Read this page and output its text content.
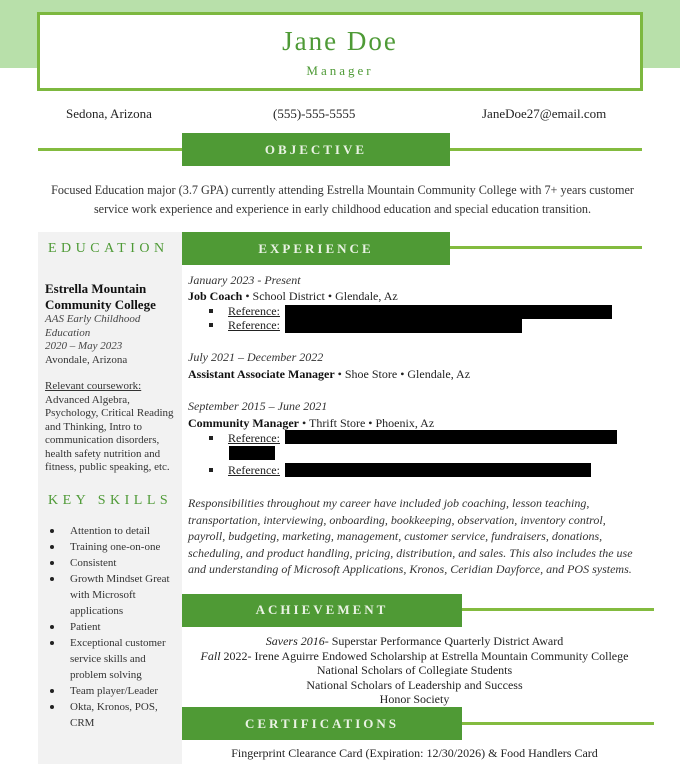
Jane Doe
Manager
Sedona, Arizona	(555)-555-5555	JaneDoe27@email.com
OBJECTIVE
Focused Education major (3.7 GPA) currently attending Estrella Mountain Community College with 7+ years customer service work experience and experience in early childhood education and special education transition.
EDUCATION
Estrella Mountain
Community College
AAS Early Childhood
Education
2020 – May 2023
Avondale, Arizona
Relevant coursework:
Advanced Algebra, Psychology, Critical Reading and Thinking, Intro to communication disorders, health safety nutrition and fitness, public speaking, etc.
KEY SKILLS
Attention to detail
Training one-on-one
Consistent
Growth Mindset Great with Microsoft applications
Patient
Exceptional customer service skills and problem solving
Team player/Leader
Okta, Kronos, POS, CRM
EXPERIENCE
January 2023 - Present
Job Coach • School District • Glendale, Az
Reference:
Reference:
July 2021 – December 2022
Assistant Associate Manager • Shoe Store • Glendale, Az
September 2015 – June 2021
Community Manager • Thrift Store • Phoenix, Az
Reference:
Reference:
Responsibilities throughout my career have included job coaching, lesson teaching, transportation, interviewing, onboarding, bookkeeping, observation, inventory control, payroll, budgeting, marketing, management, customer service, fundraisers, donations, scheduling, and product handling, pricing, distribution, and sales. This also includes the use and understanding of Microsoft Applications, Kronos, Ceridian Dayforce, and POS systems.
ACHIEVEMENT
Savers 2016- Superstar Performance Quarterly District Award
Fall 2022- Irene Aguirre Endowed Scholarship at Estrella Mountain Community College
National Scholars of Collegiate Students
National Scholars of Leadership and Success
Honor Society
CERTIFICATIONS
Fingerprint Clearance Card (Expiration: 12/30/2026) & Food Handlers Card
